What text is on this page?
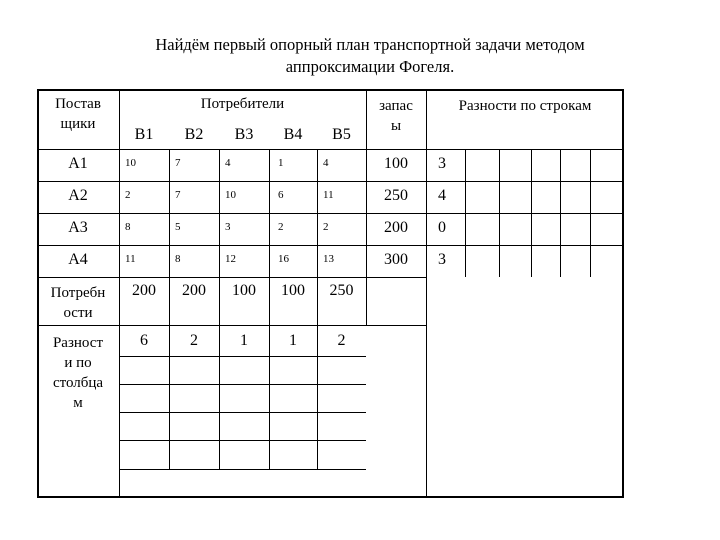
Найдём первый опорный план транспортной задачи методом
аппроксимации Фогеля.
Постав
щики
Потребители
B1	B2	B3	B4	B5
запас
ы
Разности по строкам
A1	10	7	4	1	4	100	3
A2	2	7	10	6	11	250	4
A3	8	5	3	2	2	200	0
A4	11	8	12	16	13	300	3
Потребн
ости
200	200	100	100	250
Разност
и по
столбца
м
6	2	1	1	2
